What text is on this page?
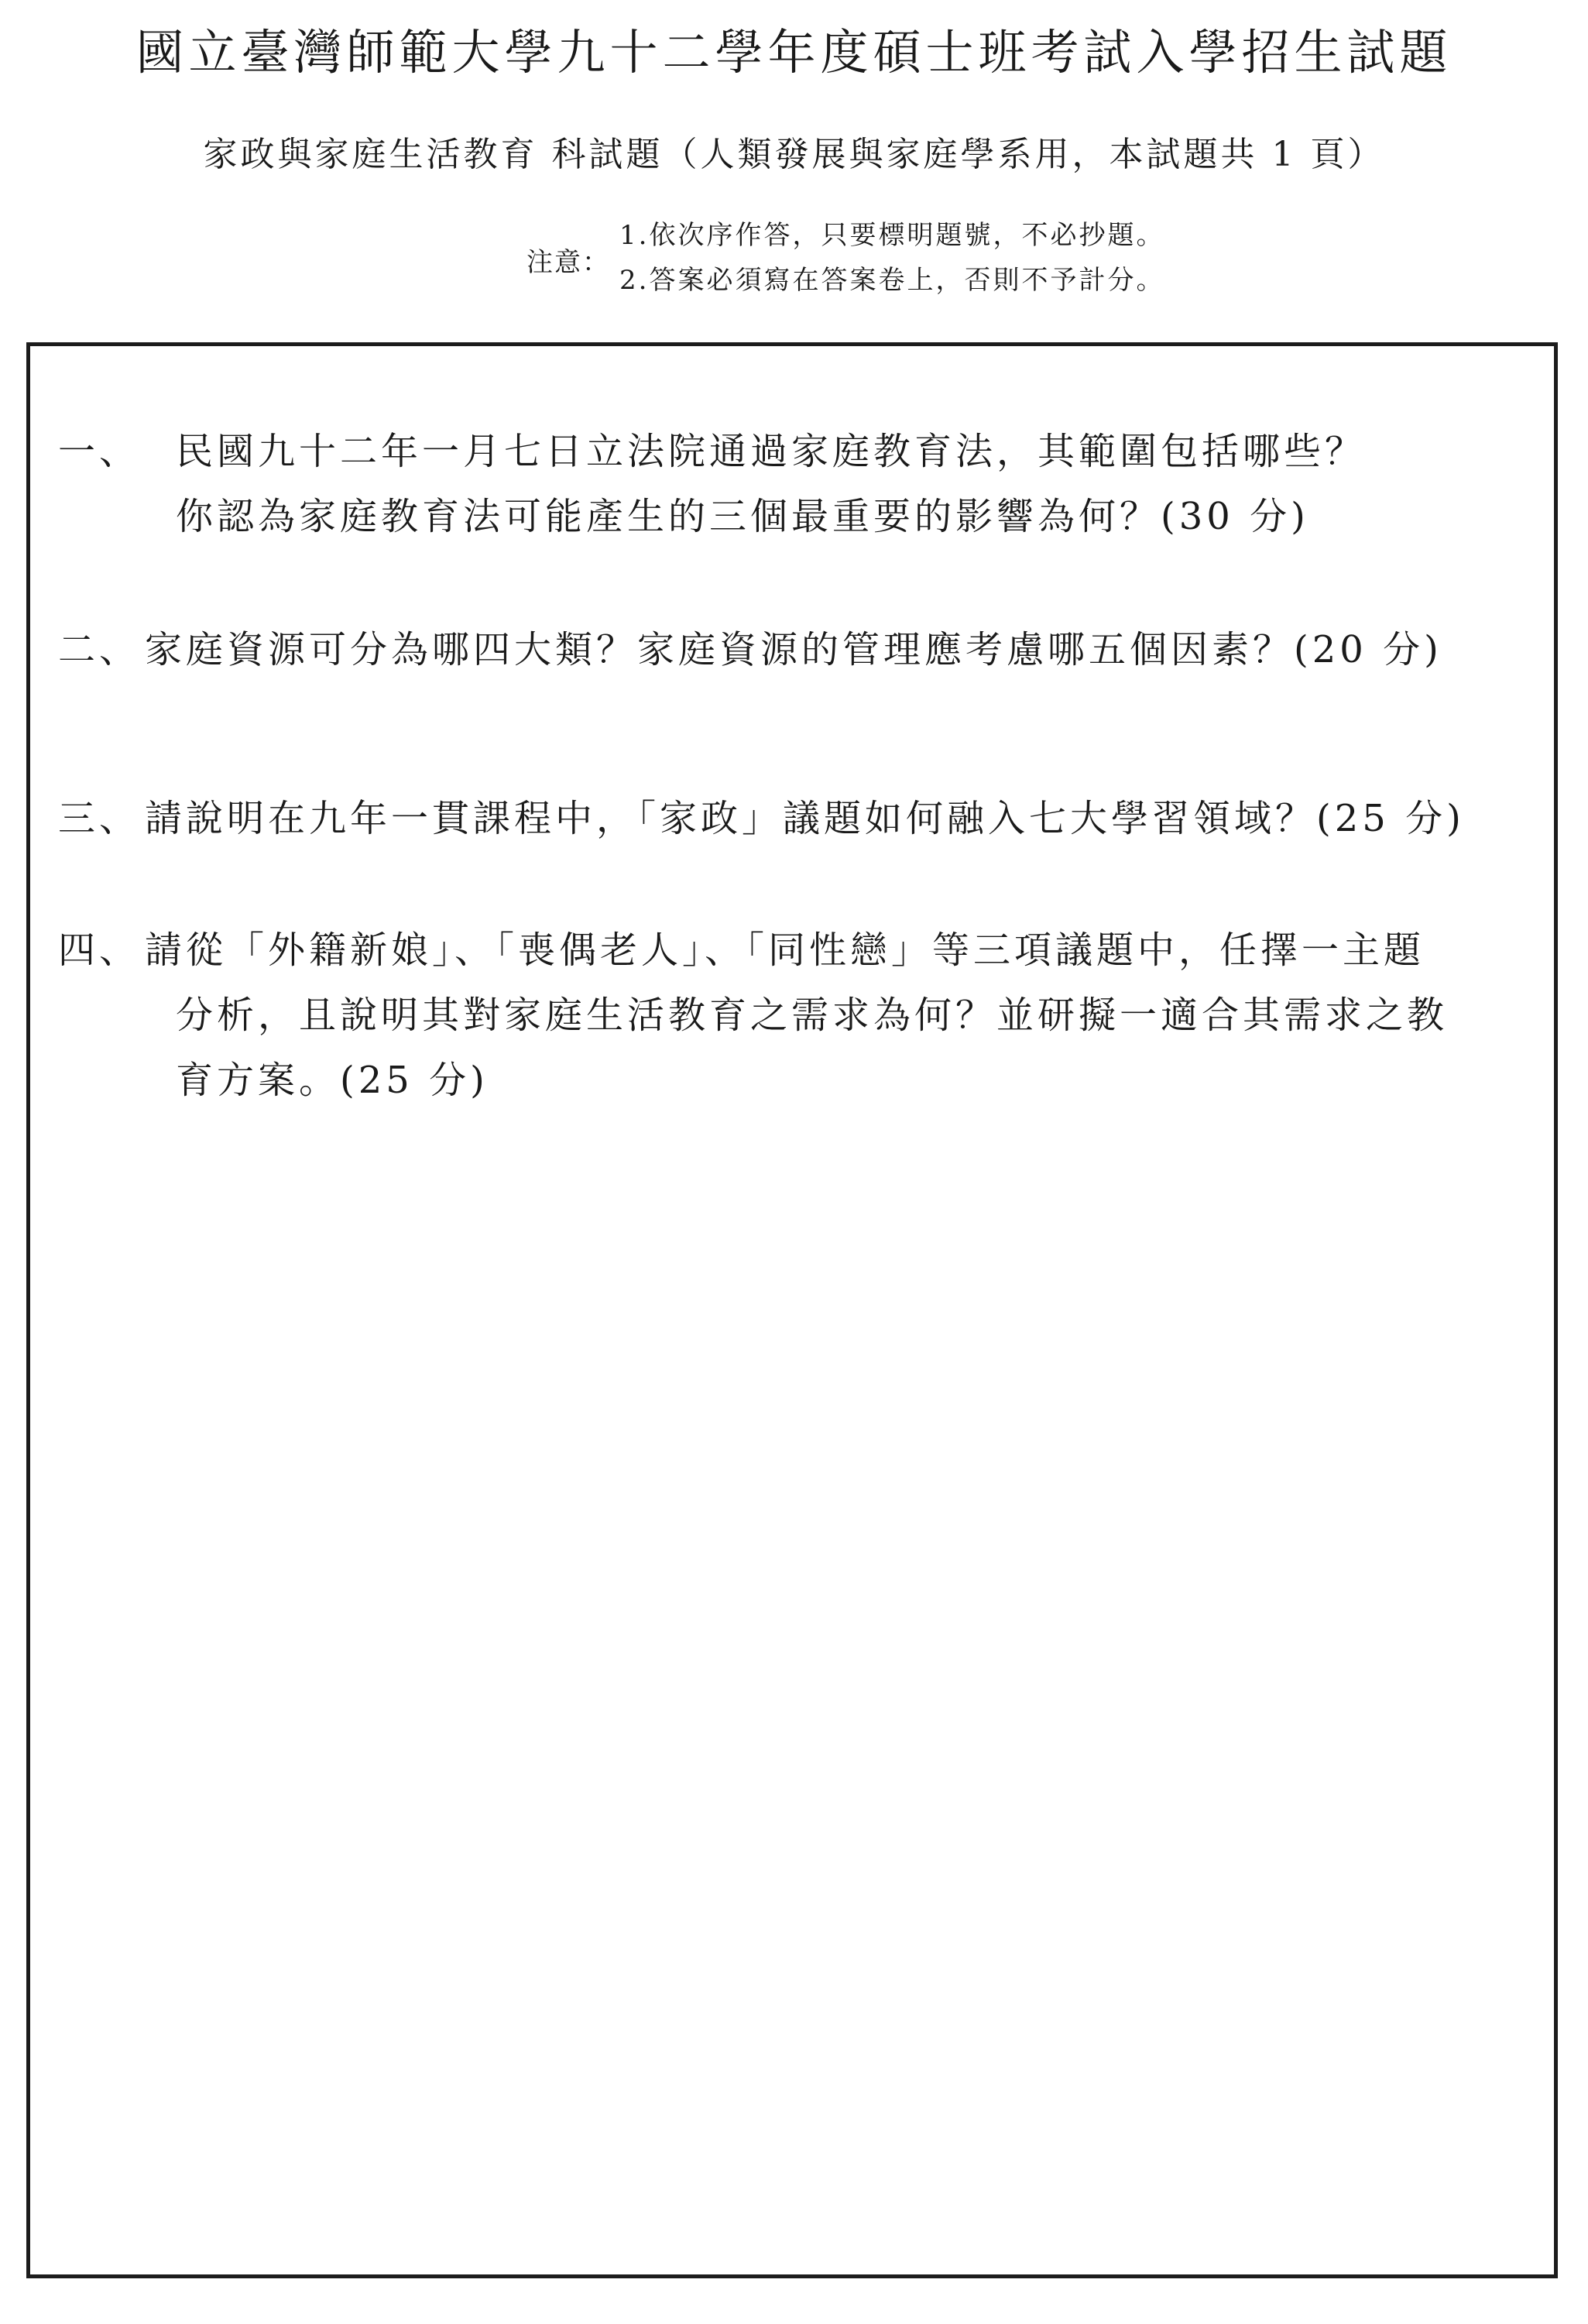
國立臺灣師範大學九十二學年度碩士班考試入學招生試題
家政與家庭生活教育 科試題（人類發展與家庭學系用，本試題共 1 頁）
注意：
1.依次序作答，只要標明題號，不必抄題。
2.答案必須寫在答案卷上，否則不予計分。
一、 民國九十二年一月七日立法院通過家庭教育法，其範圍包括哪些？
你認為家庭教育法可能產生的三個最重要的影響為何？(30 分)
二、 家庭資源可分為哪四大類？家庭資源的管理應考慮哪五個因素？(20 分)
三、 請說明在九年一貫課程中，「家政」議題如何融入七大學習領域？(25 分)
四、 請從「外籍新娘」、「喪偶老人」、「同性戀」等三項議題中，任擇一主題
分析，且說明其對家庭生活教育之需求為何？並研擬一適合其需求之教
育方案。(25 分)
